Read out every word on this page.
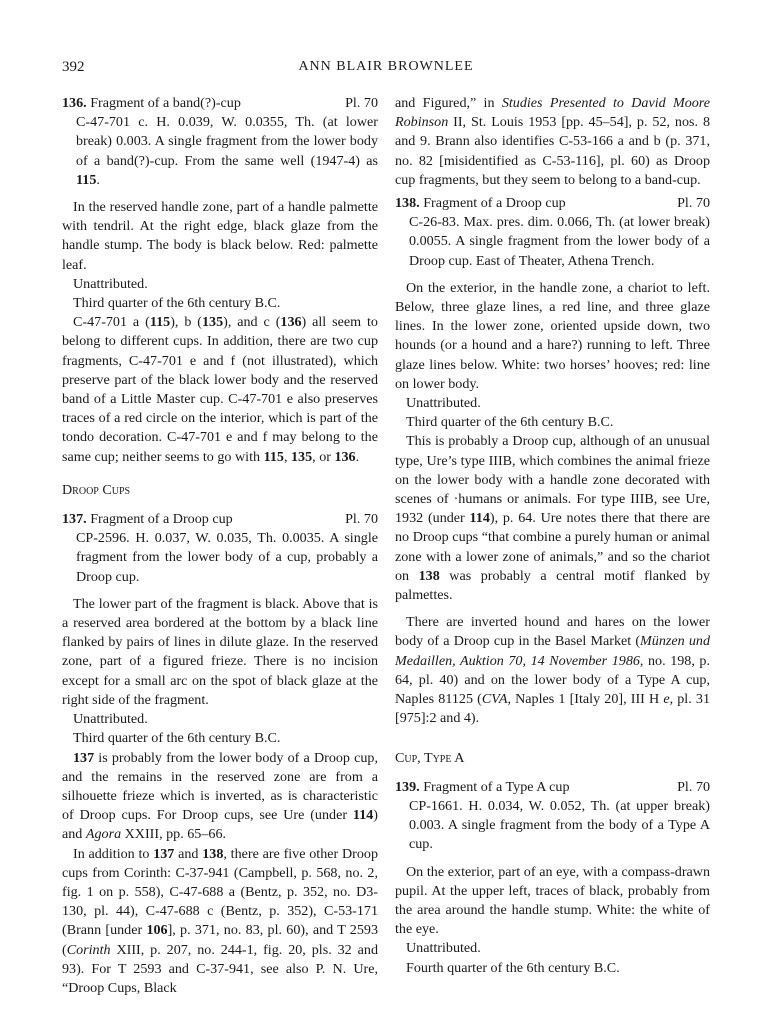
392	ANN BLAIR BROWNLEE
136. Fragment of a band(?)-cup	Pl. 70

C-47-701 c. H. 0.039, W. 0.0355, Th. (at lower break) 0.003. A single fragment from the lower body of a band(?)-cup. From the same well (1947-4) as 115.

In the reserved handle zone, part of a handle palmette with tendril. At the right edge, black glaze from the handle stump. The body is black below. Red: palmette leaf.

Unattributed.

Third quarter of the 6th century B.C.

C-47-701 a (115), b (135), and c (136) all seem to belong to different cups. In addition, there are two cup fragments, C-47-701 e and f (not illustrated), which preserve part of the black lower body and the reserved band of a Little Master cup. C-47-701 e also preserves traces of a red circle on the interior, which is part of the tondo decoration. C-47-701 e and f may belong to the same cup; neither seems to go with 115, 135, or 136.

Droop Cups
137. Fragment of a Droop cup	Pl. 70

CP-2596. H. 0.037, W. 0.035, Th. 0.0035. A single fragment from the lower body of a cup, probably a Droop cup.

The lower part of the fragment is black. Above that is a reserved area bordered at the bottom by a black line flanked by pairs of lines in dilute glaze. In the reserved zone, part of a figured frieze. There is no incision except for a small arc on the spot of black glaze at the right side of the fragment.

Unattributed.

Third quarter of the 6th century B.C.

137 is probably from the lower body of a Droop cup, and the remains in the reserved zone are from a silhouette frieze which is inverted, as is characteristic of Droop cups. For Droop cups, see Ure (under 114) and Agora XXIII, pp. 65–66.

In addition to 137 and 138, there are five other Droop cups from Corinth: C-37-941 (Campbell, p. 568, no. 2, fig. 1 on p. 558), C-47-688 a (Bentz, p. 352, no. D3-130, pl. 44), C-47-688 c (Bentz, p. 352), C-53-171 (Brann [under 106], p. 371, no. 83, pl. 60), and T 2593 (Corinth XIII, p. 207, no. 244-1, fig. 20, pls. 32 and 93). For T 2593 and C-37-941, see also P. N. Ure, “Droop Cups, Black

and Figured,” in Studies Presented to David Moore Robinson II, St. Louis 1953 [pp. 45–54], p. 52, nos. 8 and 9. Brann also identifies C-53-166 a and b (p. 371, no. 82 [misidentified as C-53-116], pl. 60) as Droop cup fragments, but they seem to belong to a band-cup.

138. Fragment of a Droop cup	Pl. 70

C-26-83. Max. pres. dim. 0.066, Th. (at lower break) 0.0055. A single fragment from the lower body of a Droop cup. East of Theater, Athena Trench.

On the exterior, in the handle zone, a chariot to left. Below, three glaze lines, a red line, and three glaze lines. In the lower zone, oriented upside down, two hounds (or a hound and a hare?) running to left. Three glaze lines below. White: two horses’ hooves; red: line on lower body.

Unattributed.

Third quarter of the 6th century B.C.

This is probably a Droop cup, although of an unusual type, Ure’s type IIIB, which combines the animal frieze on the lower body with a handle zone decorated with scenes of ·humans or animals. For type IIIB, see Ure, 1932 (under 114), p. 64. Ure notes there that there are no Droop cups “that combine a purely human or animal zone with a lower zone of animals,” and so the chariot on 138 was probably a central motif flanked by palmettes.

There are inverted hound and hares on the lower body of a Droop cup in the Basel Market (Münzen und Medaillen, Auktion 70, 14 November 1986, no. 198, p. 64, pl. 40) and on the lower body of a Type A cup, Naples 81125 (CVA, Naples 1 [Italy 20], III H e, pl. 31 [975]:2 and 4).

Cup, Type A
139. Fragment of a Type A cup	Pl. 70

CP-1661. H. 0.034, W. 0.052, Th. (at upper break) 0.003. A single fragment from the body of a Type A cup.

On the exterior, part of an eye, with a compass-drawn pupil. At the upper left, traces of black, probably from the area around the handle stump. White: the white of the eye.

Unattributed.

Fourth quarter of the 6th century B.C.
